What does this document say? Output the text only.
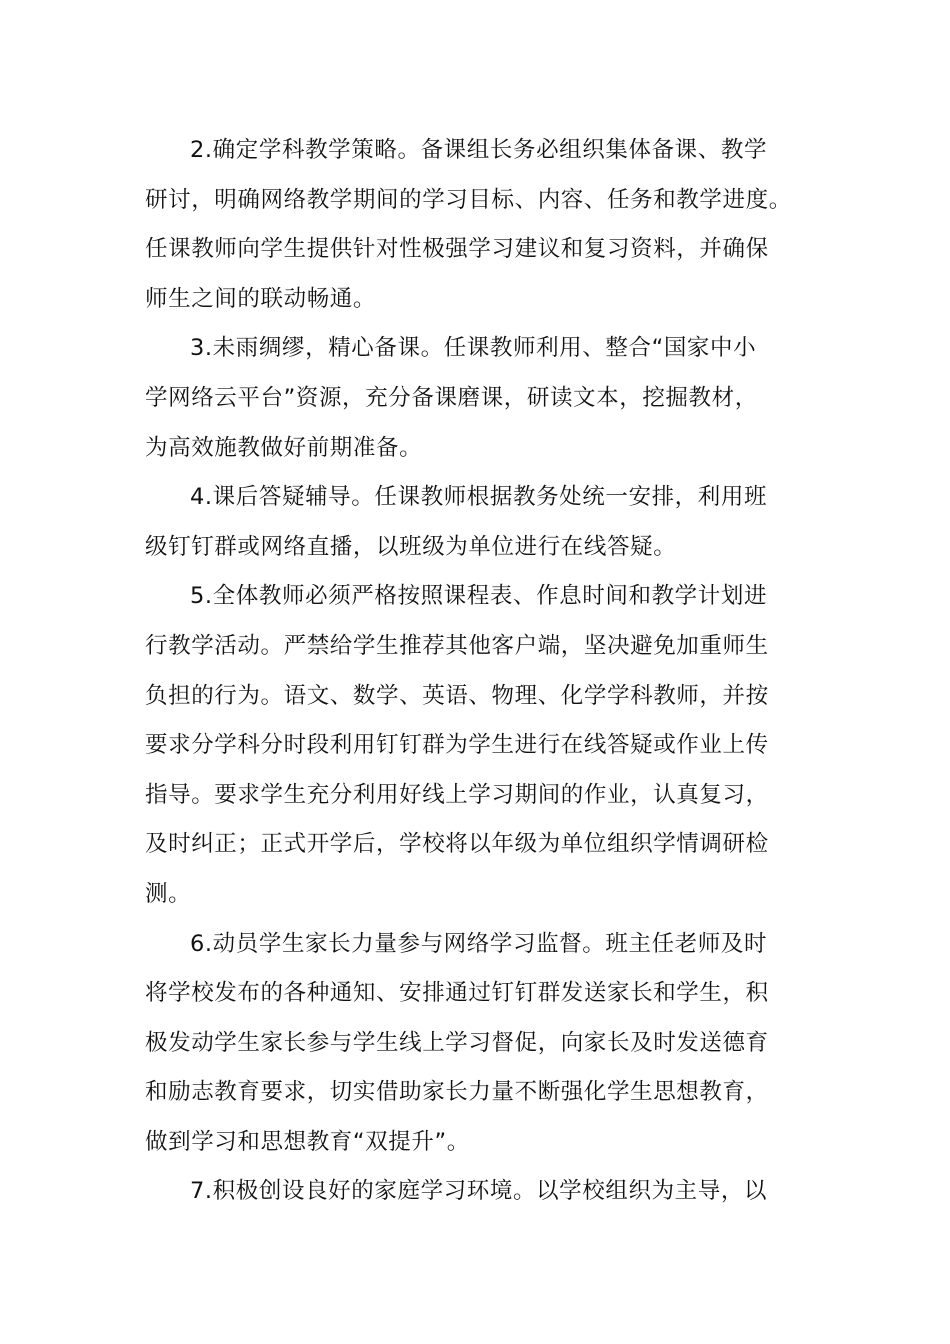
2.确定学科教学策略。备课组长务必组织集体备课、教学
研讨，明确网络教学期间的学习目标、内容、任务和教学进度。
任课教师向学生提供针对性极强学习建议和复习资料，并确保
师生之间的联动畅通。
3.未雨绸缪，精心备课。任课教师利用、整合“国家中小
学网络云平台”资源，充分备课磨课，研读文本，挖掘教材，
为高效施教做好前期准备。
4.课后答疑辅导。任课教师根据教务处统一安排，利用班
级钉钉群或网络直播，以班级为单位进行在线答疑。
5.全体教师必须严格按照课程表、作息时间和教学计划进
行教学活动。严禁给学生推荐其他客户端，坚决避免加重师生
负担的行为。语文、数学、英语、物理、化学学科教师，并按
要求分学科分时段利用钉钉群为学生进行在线答疑或作业上传
指导。要求学生充分利用好线上学习期间的作业，认真复习，
及时纠正；正式开学后，学校将以年级为单位组织学情调研检
测。
6.动员学生家长力量参与网络学习监督。班主任老师及时
将学校发布的各种通知、安排通过钉钉群发送家长和学生，积
极发动学生家长参与学生线上学习督促，向家长及时发送德育
和励志教育要求，切实借助家长力量不断强化学生思想教育，
做到学习和思想教育“双提升”。
7.积极创设良好的家庭学习环境。以学校组织为主导，以
